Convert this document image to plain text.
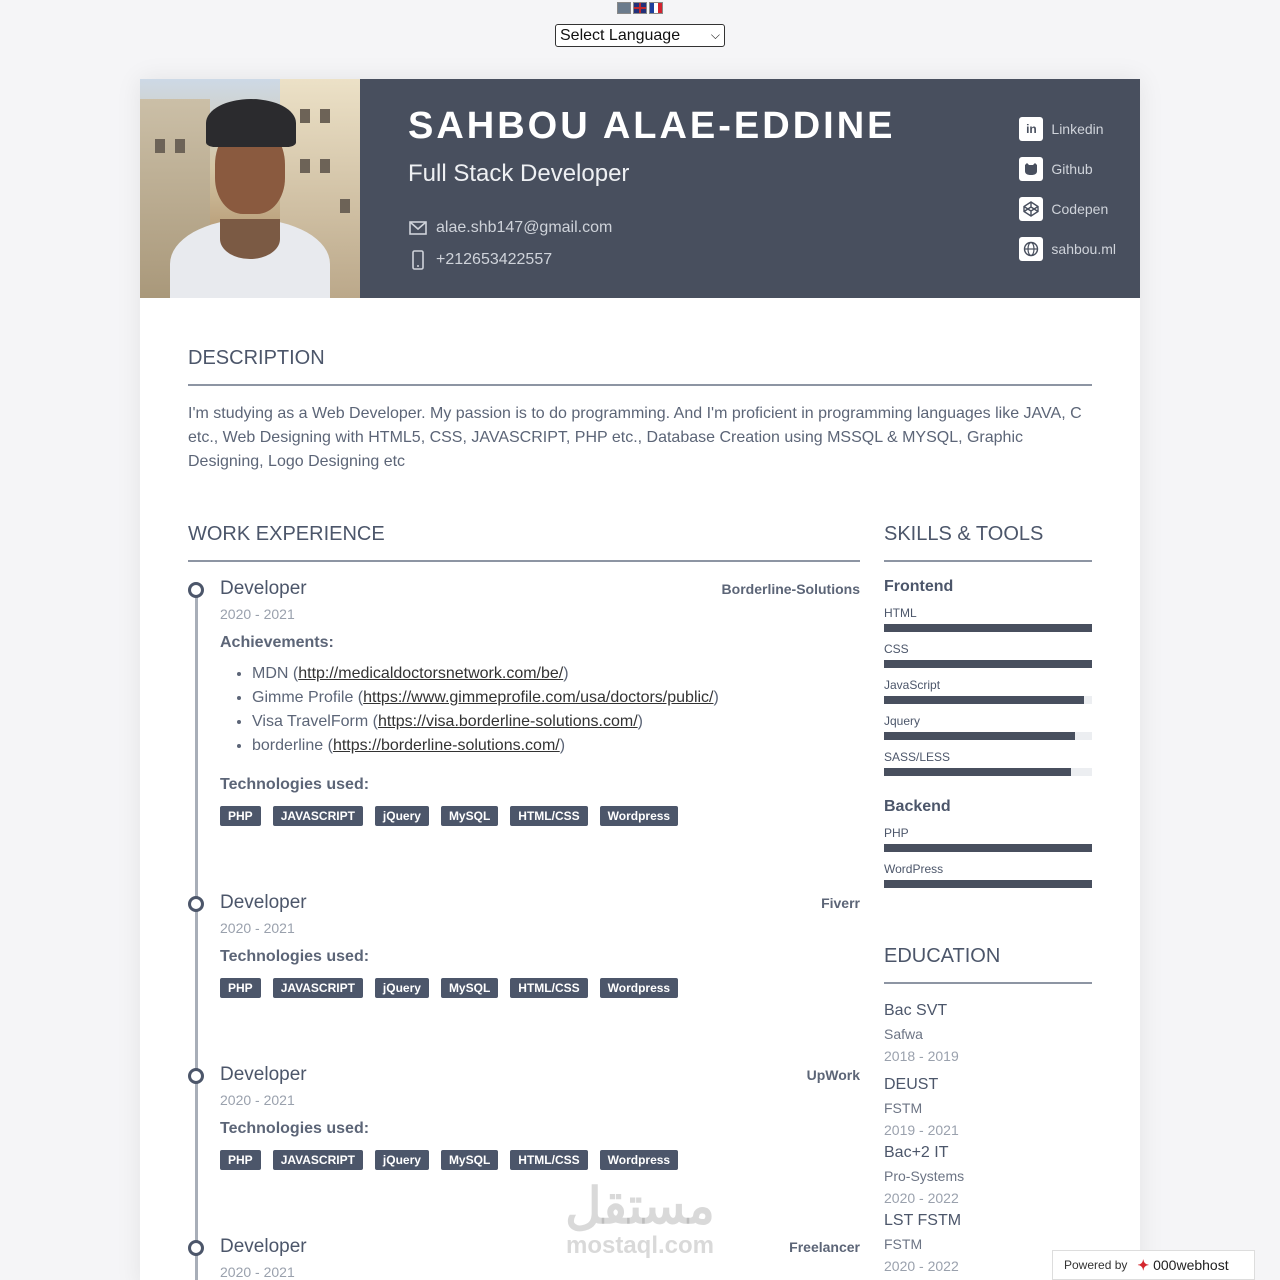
Select Language	⌵
SAHBOU ALAE-EDDINE
Full Stack Developer
alae.shb147@gmail.com
+212653422557
in	Linkedin
Github
Codepen
sahbou.ml
DESCRIPTION
I'm studying as a Web Developer. My passion is to do programming. And I'm proficient in programming languages like JAVA, C etc., Web Designing with HTML5, CSS, JAVASCRIPT, PHP etc., Database Creation using MSSQL & MYSQL, Graphic Designing, Logo Designing etc
WORK EXPERIENCE
Developer	Borderline-Solutions
2020 - 2021
Achievements:
• MDN (http://medicaldoctorsnetwork.com/be/)
• Gimme Profile (https://www.gimmeprofile.com/usa/doctors/public/)
• Visa TravelForm (https://visa.borderline-solutions.com/)
• borderline (https://borderline-solutions.com/)
Technologies used:
PHP	JAVASCRIPT	jQuery	MySQL	HTML/CSS	Wordpress
Developer	Fiverr
2020 - 2021
Technologies used:
PHP	JAVASCRIPT	jQuery	MySQL	HTML/CSS	Wordpress
Developer	UpWork
2020 - 2021
Technologies used:
PHP	JAVASCRIPT	jQuery	MySQL	HTML/CSS	Wordpress
Developer	Freelancer
2020 - 2021
SKILLS & TOOLS
Frontend
HTML
CSS
JavaScript
Jquery
SASS/LESS
Backend
PHP
WordPress
EDUCATION
Bac SVT
Safwa
2018 - 2019
DEUST
FSTM
2019 - 2021
Bac+2 IT
Pro-Systems
2020 - 2022
LST FSTM
FSTM
2020 - 2022
مستقل
mostaql.com
Powered by ✦ 000webhost
